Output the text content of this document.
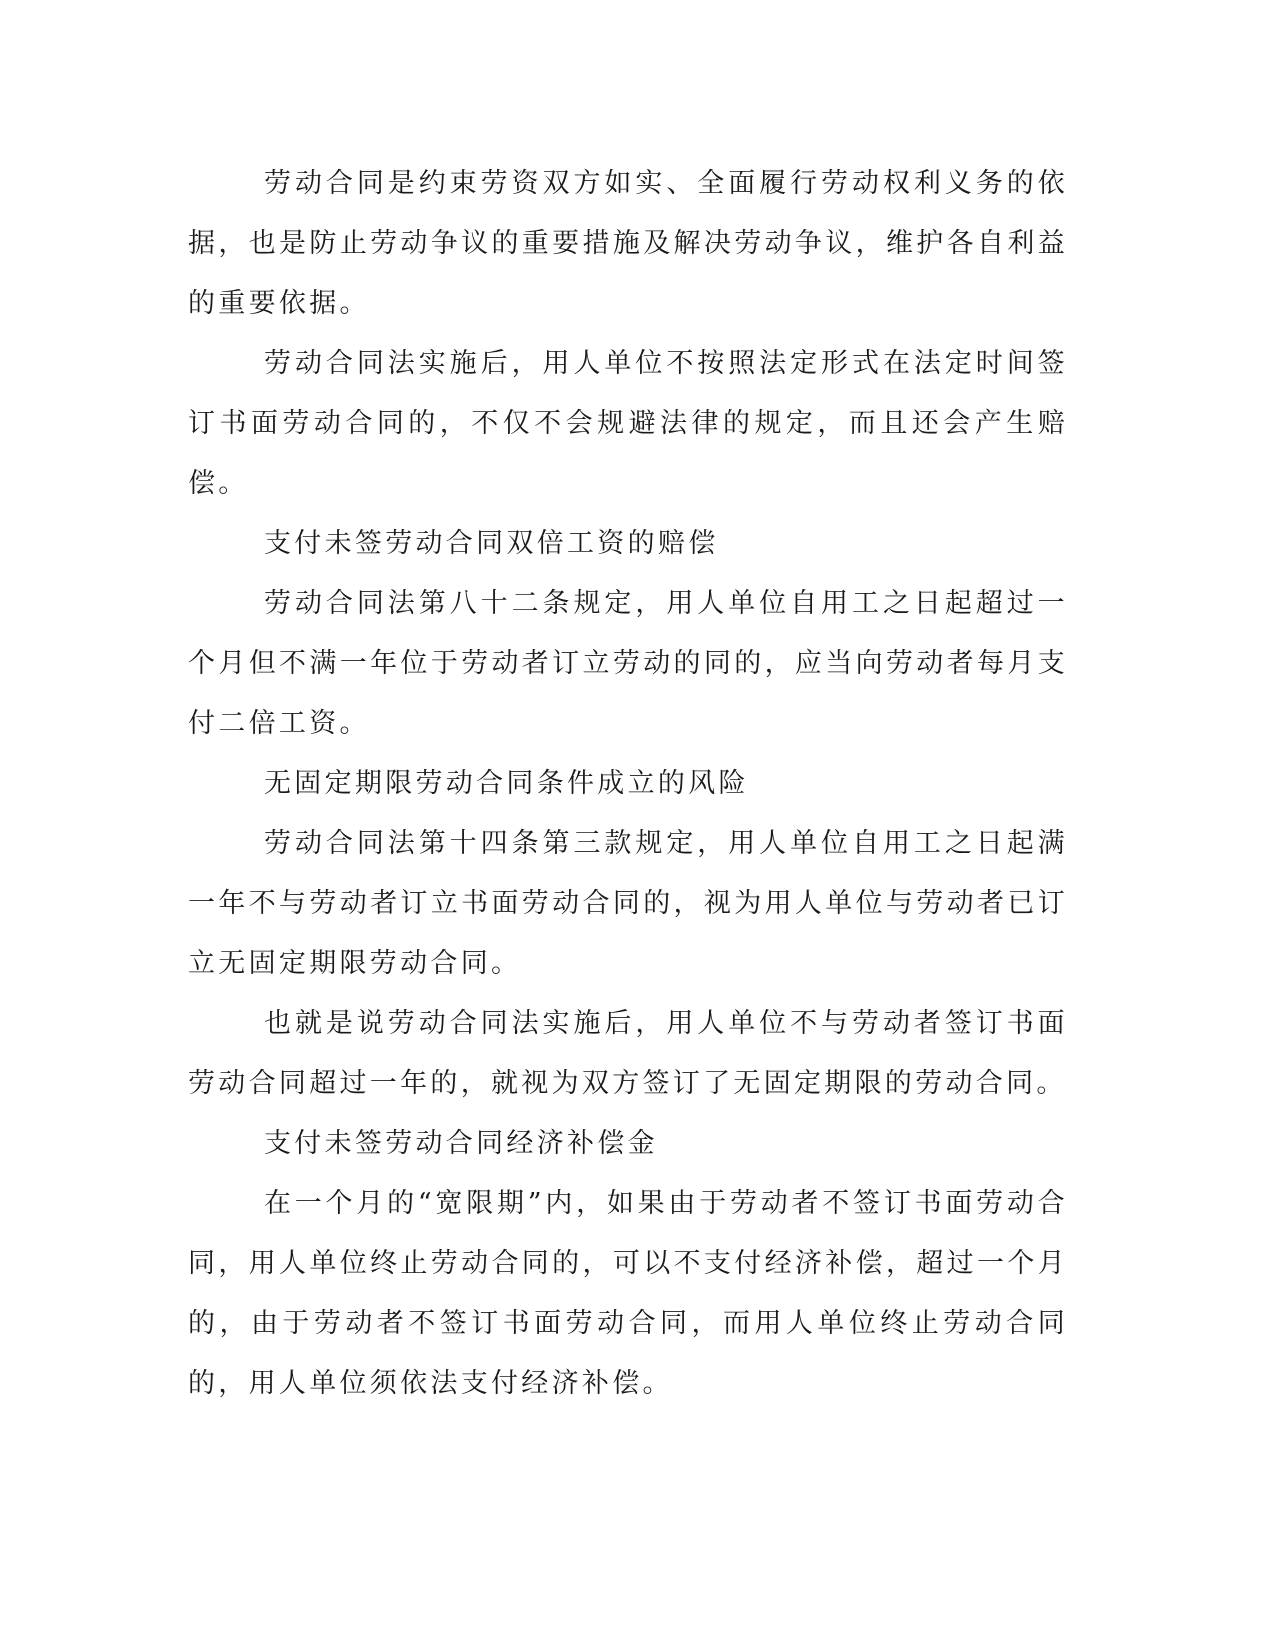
劳动合同是约束劳资双方如实、全面履行劳动权利义务的依据，也是防止劳动争议的重要措施及解决劳动争议，维护各自利益的重要依据。

劳动合同法实施后，用人单位不按照法定形式在法定时间签订书面劳动合同的，不仅不会规避法律的规定，而且还会产生赔偿。

支付未签劳动合同双倍工资的赔偿

劳动合同法第八十二条规定，用人单位自用工之日起超过一个月但不满一年位于劳动者订立劳动的同的，应当向劳动者每月支付二倍工资。

无固定期限劳动合同条件成立的风险

劳动合同法第十四条第三款规定，用人单位自用工之日起满一年不与劳动者订立书面劳动合同的，视为用人单位与劳动者已订立无固定期限劳动合同。

也就是说劳动合同法实施后，用人单位不与劳动者签订书面劳动合同超过一年的，就视为双方签订了无固定期限的劳动合同。

支付未签劳动合同经济补偿金

在一个月的“宽限期”内，如果由于劳动者不签订书面劳动合同，用人单位终止劳动合同的，可以不支付经济补偿，超过一个月的，由于劳动者不签订书面劳动合同，而用人单位终止劳动合同的，用人单位须依法支付经济补偿。
